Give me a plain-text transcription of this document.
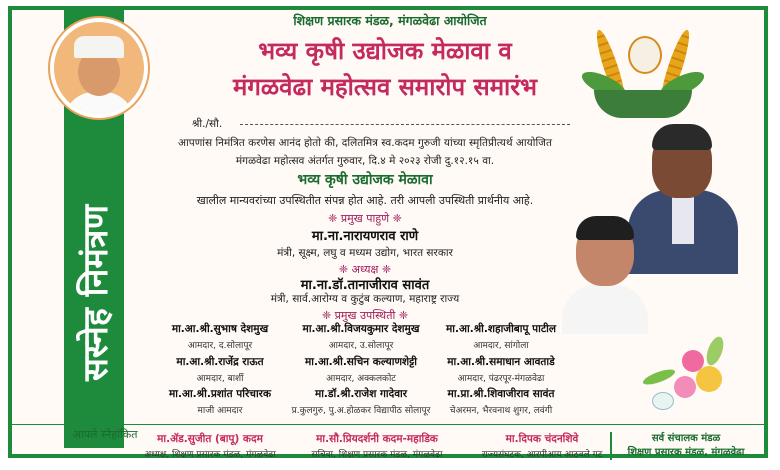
सस्नेह निमंत्रण
शिक्षण प्रसारक मंडळ, मंगळवेढा आयोजित
भव्य कृषी उद्योजक मेळावा व
मंगळवेढा महोत्सव समारोप समारंभ
श्री./सौ.
आपणांस निमंत्रित करणेस आनंद होतो की, दलितमित्र स्व.कदम गुरुजी यांच्या स्मृतिप्रीत्यर्थ आयोजित
मंगळवेढा महोत्सव अंतर्गत गुरुवार, दि.४ मे २०२३ रोजी दु.१२.१५ वा.
भव्य कृषी उद्योजक मेळावा
खालील मान्यवरांच्या उपस्थितीत संपन्न होत आहे. तरी आपली उपस्थिती प्रार्थनीय आहे.
❈ प्रमुख पाहुणे ❈
मा.ना.नारायणराव राणे
मंत्री, सूक्ष्म, लघु व मध्यम उद्योग, भारत सरकार
❈ अध्यक्ष ❈
मा.ना.डॉ.तानाजीराव सावंत
मंत्री, सार्व.आरोग्य व कुटुंब कल्याण, महाराष्ट्र राज्य
❈ प्रमुख उपस्थिती ❈
मा.आ.श्री.सुभाष देशमुख
आमदार, द.सोलापूर
मा.आ.श्री.विजयकुमार देशमुख
आमदार, उ.सोलापूर
मा.आ.श्री.शहाजीबापू पाटील
आमदार, सांगोला
मा.आ.श्री.राजेंद्र राऊत
आमदार, बार्शी
मा.आ.श्री.सचिन कल्याणशेट्टी
आमदार, अक्कलकोट
मा.आ.श्री.समाधान आवताडे
आमदार, पंढरपूर-मंगळवेढा
मा.आ.श्री.प्रशांत परिचारक
माजी आमदार
मा.डॉ.श्री.राजेश गादेवार
प्र.कुलगुरु, पु.अ.होळकर विद्यापीठ सोलापूर
मा.प्रा.श्री.शिवाजीराव सावंत
चेअरमन, भैरवनाथ शुगर, लवंगी
आपले स्नेहांकित	मा.ॲड.सुजीत (बापू) कदम
अध्यक्ष, शिक्षण प्रसारक मंडळ, मंगळवेढा
मा.सौ.प्रियदर्शनी कदम-महाडिक
सचिवा, शिक्षण प्रसारक मंडळ, मंगळवेढा
मा.दिपक चंदनशिवे
राज्यसंघटक, आरपीआय आठवले गट
सर्व संचालक मंडळ
शिक्षण प्रसारक मंडळ, मंगळवेढा
